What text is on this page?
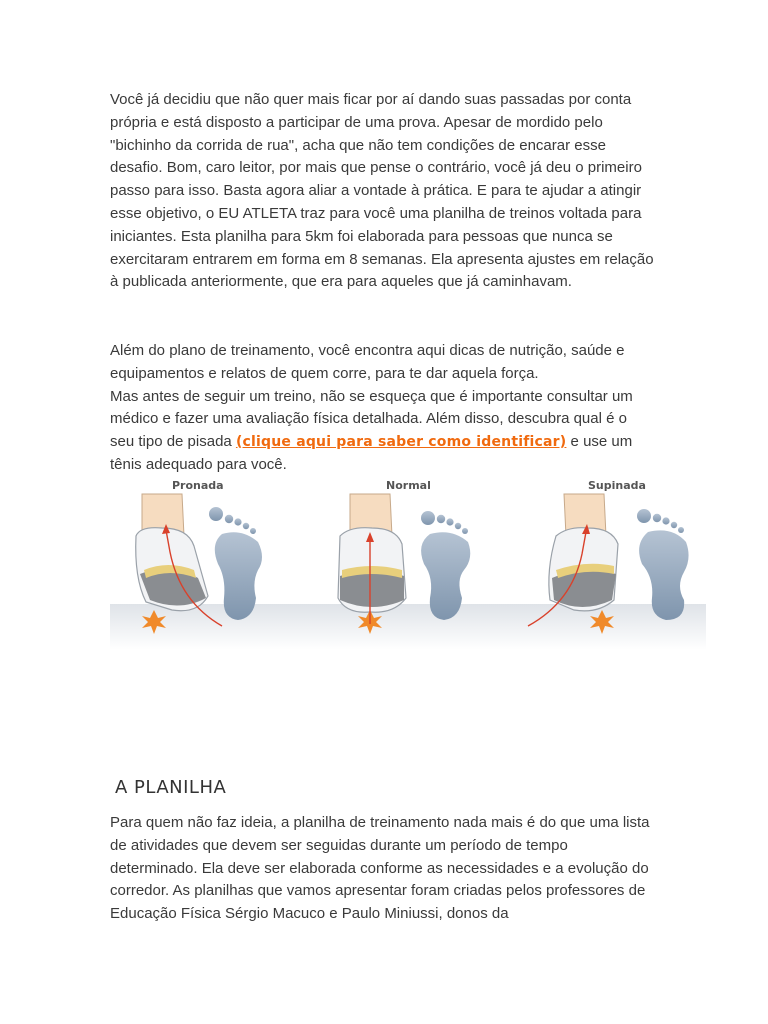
Você já decidiu que não quer mais ficar por aí dando suas passadas por conta própria e está disposto a participar de uma prova. Apesar de mordido pelo "bichinho da corrida de rua", acha que não tem condições de encarar esse desafio. Bom, caro leitor, por mais que pense o contrário, você já deu o primeiro passo para isso. Basta agora aliar a vontade à prática. E para te ajudar a atingir esse objetivo, o EU ATLETA traz para você uma planilha de treinos voltada para iniciantes. Esta planilha para 5km foi elaborada para pessoas que nunca se exercitaram entrarem em forma em 8 semanas. Ela apresenta ajustes em relação à publicada anteriormente, que era para aqueles que já caminhavam.

Além do plano de treinamento, você encontra aqui dicas de nutrição, saúde e equipamentos e relatos de quem corre, para te dar aquela força.
Mas antes de seguir um treino, não se esqueça que é importante consultar um médico e fazer uma avaliação física detalhada. Além disso, descubra qual é o seu tipo de pisada (clique aqui para saber como identificar) e use um tênis adequado para você.

Pronada	Normal	Supinada
A PLANILHA

Para quem não faz ideia, a planilha de treinamento nada mais é do que uma lista de atividades que devem ser seguidas durante um período de tempo determinado. Ela deve ser elaborada conforme as necessidades e a evolução do corredor. As planilhas que vamos apresentar foram criadas pelos professores de Educação Física Sérgio Macuco e Paulo Miniussi, donos da
